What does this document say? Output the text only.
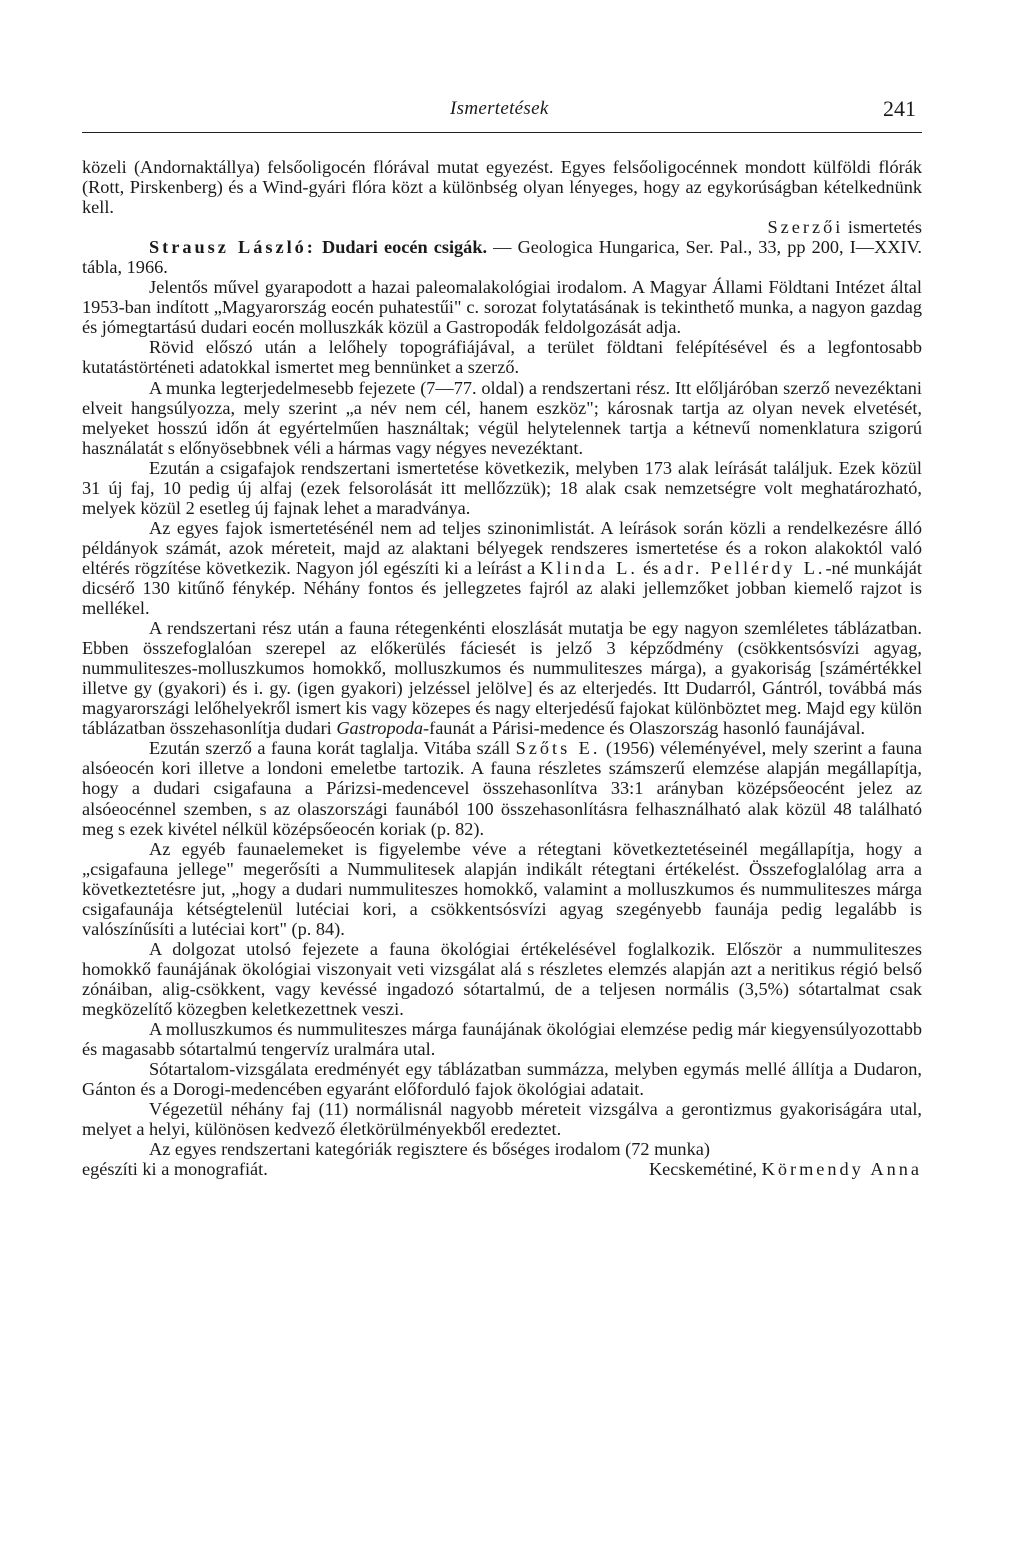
Ismertetések	241

közeli (Andornaktállya) felsőoligocén flórával mutat egyezést. Egyes felsőoligocénnek mondott külföldi flórák (Rott, Pirskenberg) és a Wind-gyári flóra közt a különbség olyan lényeges, hogy az egykorúságban kételkednünk kell.

Szerzői ismertetés

Strausz László: Dudari eocén csigák. — Geologica Hungarica, Ser. Pal., 33, pp 200, I—XXIV. tábla, 1966.

Jelentős művel gyarapodott a hazai paleomalakológiai irodalom. A Magyar Állami Földtani Intézet által 1953-ban indított „Magyarország eocén puhatestűi" c. sorozat folytatásának is tekinthető munka, a nagyon gazdag és jómegtartású dudari eocén molluszkák közül a Gastropodák feldolgozását adja.

Rövid előszó után a lelőhely topográfiájával, a terület földtani felépítésével és a legfontosabb kutatástörténeti adatokkal ismertet meg bennünket a szerző.

A munka legterjedelmesebb fejezete (7—77. oldal) a rendszertani rész. Itt előljáróban szerző nevezéktani elveit hangsúlyozza, mely szerint „a név nem cél, hanem eszköz"; károsnak tartja az olyan nevek elvetését, melyeket hosszú időn át egyértelműen használtak; végül helytelennek tartja a kétnevű nomenklatura szigorú használatát s előnyösebbnek véli a hármas vagy négyes nevezéktant.

Ezután a csigafajok rendszertani ismertetése következik, melyben 173 alak leírását találjuk. Ezek közül 31 új faj, 10 pedig új alfaj (ezek felsorolását itt mellőzzük); 18 alak csak nemzetségre volt meghatározható, melyek közül 2 esetleg új fajnak lehet a maradványa.

Az egyes fajok ismertetésénél nem ad teljes szinonimlistát. A leírások során közli a rendelkezésre álló példányok számát, azok méreteit, majd az alaktani bélyegek rendszeres ismertetése és a rokon alakoktól való eltérés rögzítése következik. Nagyon jól egészíti ki a leírást a Klinda L. és adr. Pellérdy L.-né munkáját dicsérő 130 kitűnő fénykép. Néhány fontos és jellegzetes fajról az alaki jellemzőket jobban kiemelő rajzot is mellékel.

A rendszertani rész után a fauna rétegenkénti eloszlását mutatja be egy nagyon szemléletes táblázatban. Ebben összefoglalóan szerepel az előkerülés fáciesét is jelző 3 képződmény (csökkentsósvízi agyag, nummuliteszes-molluszkumos homokkő, molluszkumos és nummuliteszes márga), a gyakoriság [számértékkel illetve gy (gyakori) és i. gy. (igen gyakori) jelzéssel jelölve] és az elterjedés. Itt Dudarról, Gántról, továbbá más magyarországi lelőhelyekről ismert kis vagy közepes és nagy elterjedésű fajokat különböztet meg. Majd egy külön táblázatban összehasonlítja dudari Gastropoda-faunát a Párisi-medence és Olaszország hasonló faunájával.

Ezután szerző a fauna korát taglalja. Vitába száll Szőts E. (1956) véleményével, mely szerint a fauna alsóeocén kori illetve a londoni emeletbe tartozik. A fauna részletes számszerű elemzése alapján megállapítja, hogy a dudari csigafauna a Párizsi-medencevel összehasonlítva 33:1 arányban középsőeocént jelez az alsóeocénnel szemben, s az olaszországi faunából 100 összehasonlításra felhasználható alak közül 48 található meg s ezek kivétel nélkül középsőeocén koriak (p. 82).

Az egyéb faunaelemeket is figyelembe véve a rétegtani következtetéseinél megállapítja, hogy a „csigafauna jellege" megerősíti a Nummulitesek alapján indikált rétegtani értékelést. Összefoglalólag arra a következtetésre jut, „hogy a dudari nummuliteszes homokkő, valamint a molluszkumos és nummuliteszes márga csigafaunája kétségtelenül lutéciai kori, a csökkentsósvízi agyag szegényebb faunája pedig legalább is valószínűsíti a lutéciai kort" (p. 84).

A dolgozat utolsó fejezete a fauna ökológiai értékelésével foglalkozik. Először a nummuliteszes homokkő faunájának ökológiai viszonyait veti vizsgálat alá s részletes elemzés alapján azt a neritikus régió belső zónáiban, alig-csökkent, vagy kevéssé ingadozó sótartalmú, de a teljesen normális (3,5%) sótartalmat csak megközelítő közegben keletkezettnek veszi.

A molluszkumos és nummuliteszes márga faunájának ökológiai elemzése pedig már kiegyensúlyozottabb és magasabb sótartalmú tengervíz uralmára utal.

Sótartalom-vizsgálata eredményét egy táblázatban summázza, melyben egymás mellé állítja a Dudaron, Gánton és a Dorogi-medencében egyaránt előforduló fajok ökológiai adatait.

Végezetül néhány faj (11) normálisnál nagyobb méreteit vizsgálva a gerontizmus gyakoriságára utal, melyet a helyi, különösen kedvező életkörülményekből eredeztet.

Az egyes rendszertani kategóriák regisztere és bőséges irodalom (72 munka)

egészíti ki a monografiát.	Kecskemétiné, Körmendy Anna
